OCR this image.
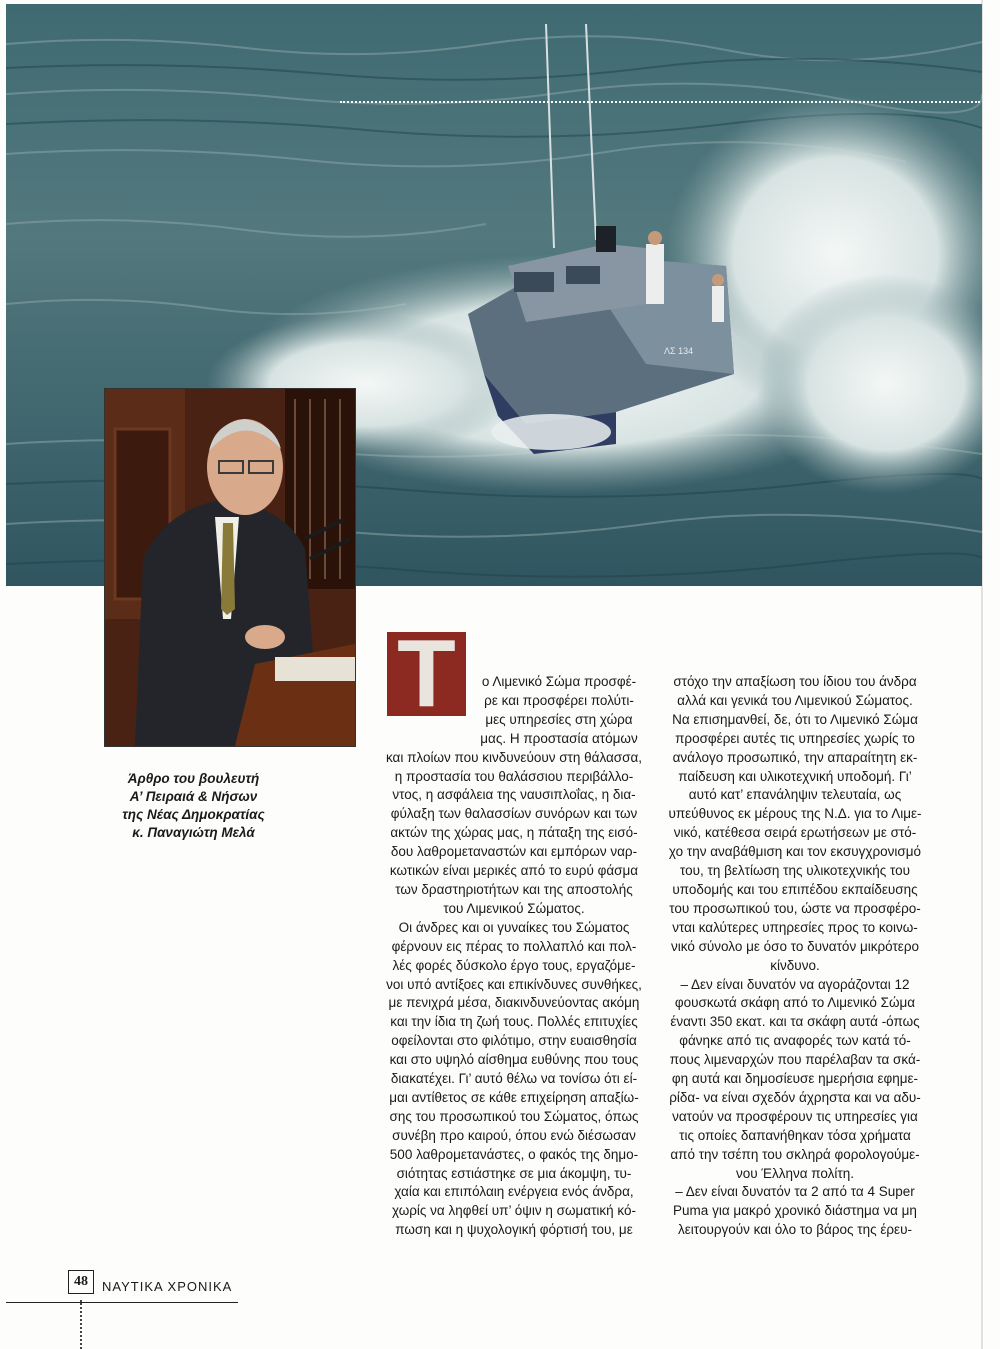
ΛΣ 134
Άρθρο του βουλευτή
Α’ Πειραιά & Νήσων
της Νέας Δημοκρατίας
κ. Παναγιώτη Μελά
Τ	ο Λιμενικό Σώμα προσφέ-

ρε και προσφέρει πολύτι-

μες υπηρεσίες στη χώρα

μας. Η προστασία ατόμων

και πλοίων που κινδυνεύουν στη θάλασσα,

η προστασία του θαλάσσιου περιβάλλο-

ντος, η ασφάλεια της ναυσιπλοΐας, η δια-

φύλαξη των θαλασσίων συνόρων και των

ακτών της χώρας μας, η πάταξη της εισό-

δου λαθρομεταναστών και εμπόρων ναρ-

κωτικών είναι μερικές από το ευρύ φάσμα

των δραστηριοτήτων και της αποστολής

του Λιμενικού Σώματος.

Οι άνδρες και οι γυναίκες του Σώματος

φέρνουν εις πέρας το πολλαπλό και πολ-

λές φορές δύσκολο έργο τους, εργαζόμε-

νοι υπό αντίξοες και επικίνδυνες συνθήκες,

με πενιχρά μέσα, διακινδυνεύοντας ακόμη

και την ίδια τη ζωή τους. Πολλές επιτυχίες

οφείλονται στο φιλότιμο, στην ευαισθησία

και στο υψηλό αίσθημα ευθύνης που τους

διακατέχει. Γι’ αυτό θέλω να τονίσω ότι εί-

μαι αντίθετος σε κάθε επιχείρηση απαξίω-

σης του προσωπικού του Σώματος, όπως

συνέβη προ καιρού, όπου ενώ διέσωσαν

500 λαθρομετανάστες, ο φακός της δημο-

σιότητας εστιάστηκε σε μια άκομψη, τυ-

χαία και επιπόλαιη ενέργεια ενός άνδρα,

χωρίς να ληφθεί υπ’ όψιν η σωματική κό-

πωση και η ψυχολογική φόρτισή του, με

στόχο την απαξίωση του ίδιου του άνδρα

αλλά και γενικά του Λιμενικού Σώματος.

Να επισημανθεί, δε, ότι το Λιμενικό Σώμα

προσφέρει αυτές τις υπηρεσίες χωρίς το

ανάλογο προσωπικό, την απαραίτητη εκ-

παίδευση και υλικοτεχνική υποδομή. Γι’

αυτό κατ’ επανάληψιν τελευταία, ως

υπεύθυνος εκ μέρους της Ν.Δ. για το Λιμε-

νικό, κατέθεσα σειρά ερωτήσεων με στό-

χο την αναβάθμιση και τον εκσυγχρονισμό

του, τη βελτίωση της υλικοτεχνικής του

υποδομής και του επιπέδου εκπαίδευσης

του προσωπικού του, ώστε να προσφέρο-

νται καλύτερες υπηρεσίες προς το κοινω-

νικό σύνολο με όσο το δυνατόν μικρότερο

κίνδυνο.

– Δεν είναι δυνατόν να αγοράζονται 12

φουσκωτά σκάφη από το Λιμενικό Σώμα

έναντι 350 εκατ. και τα σκάφη αυτά -όπως

φάνηκε από τις αναφορές των κατά τό-

πους λιμεναρχών που παρέλαβαν τα σκά-

φη αυτά και δημοσίευσε ημερήσια εφημε-

ρίδα- να είναι σχεδόν άχρηστα και να αδυ-

νατούν να προσφέρουν τις υπηρεσίες για

τις οποίες δαπανήθηκαν τόσα χρήματα

από την τσέπη του σκληρά φορολογούμε-

νου Έλληνα πολίτη.

– Δεν είναι δυνατόν τα 2 από τα 4 Super

Puma για μακρό χρονικό διάστημα να μη

λειτουργούν και όλο το βάρος της έρευ-

48	ΝΑΥΤΙΚΑ ΧΡΟΝΙΚΑ
